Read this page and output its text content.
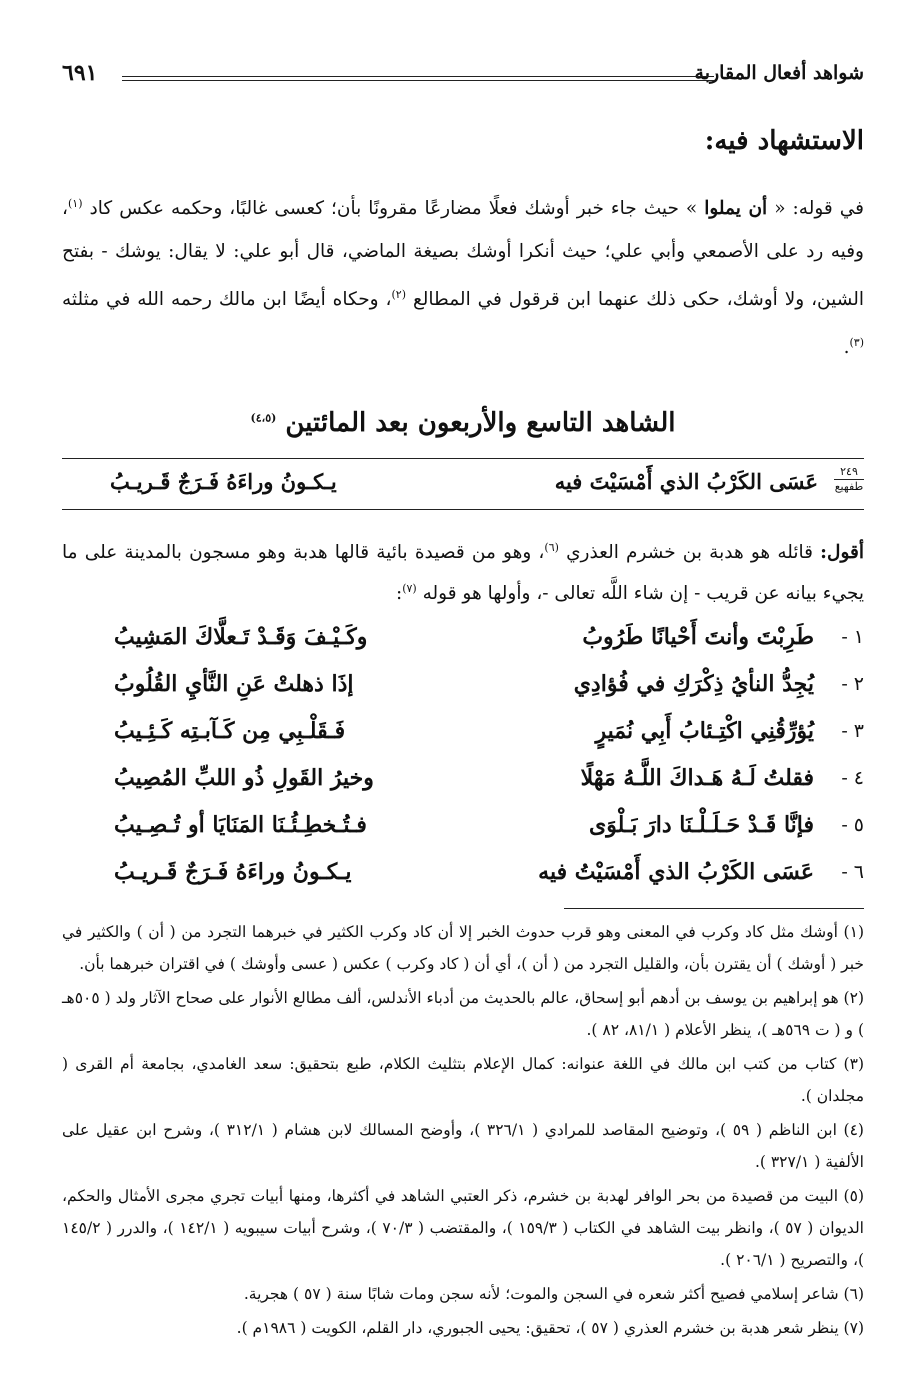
شواهد أفعال المقاربة
٦٩١
الاستشهاد فيه:

في قوله: « أن يملوا » حيث جاء خبر أوشك فعلًا مضارعًا مقرونًا بأن؛ كعسى غالبًا، وحكمه عكس كاد $^{(١)}$، وفيه رد على الأصمعي وأبي علي؛ حيث أنكرا أوشك بصيغة الماضي، قال أبو علي: لا يقال: يوشك - بفتح الشين، ولا أوشك، حكى ذلك عنهما ابن قرقول في المطالع $^{(٢)}$، وحكاه أيضًا ابن مالك رحمه الله في مثلثه $^{(٣)}$.

الشاهد التاسع والأربعون بعد المائتين $^{(٤،٥)}$
٢٤٩
طفهيع
عَسَى الكَرْبُ الذي أَمْسَيْتَ فيه
يـكـونُ وراءَهُ فَـرَجٌ قَـريـبُ

أقول: قائله هو هدبة بن خشرم العذري $^{(٦)}$، وهو من قصيدة بائية قالها هدبة وهو مسجون بالمدينة على ما يجيء بيانه عن قريب - إن شاء اللَّه تعالى -، وأولها هو قوله $^{(٧)}$:

١ -
طَرِبْتَ وأنتَ أَحْيانًا طَرُوبُ
وكَـيْـفَ وَقَـدْ تَـعلَّاكَ المَشِيبُ
٢ -
يُجِدُّ النأيُ ذِكْرَكِ في فُؤادِي
إذَا ذهلتْ عَنِ النَّأيِ القُلُوبُ
٣ -
يُؤرِّقُنِي اكْتِـئابُ أَبِي نُمَيرٍ
فَـقَلْـبِي مِن كَـآبـتِه كَـئِـيبُ
٤ -
فقلتُ لَـهُ هَـداكَ اللَّـهُ مَهْلًا
وخيرُ القَولِ ذُو اللبِّ المُصِيبُ
٥ -
فإنَّا قَـدْ حَـلَـلْـنَا دارَ بَـلْوَى
فـتُـخطِـئُـنَا المَنَايَا أو تُـصِـيبُ
٦ -
عَسَى الكَرْبُ الذي أَمْسَيْتُ فيه
يـكـونُ وراءَهُ فَـرَجٌ قَـريـبُ

(١) أوشك مثل كاد وكرب في المعنى وهو قرب حدوث الخبر إلا أن كاد وكرب الكثير في خبرهما التجرد من ( أن ) والكثير في خبر ( أوشك ) أن يقترن بأن، والقليل التجرد من ( أن )، أي أن ( كاد وكرب ) عكس ( عسى وأوشك ) في اقتران خبرهما بأن.

(٢) هو إبراهيم بن يوسف بن أدهم أبو إسحاق، عالم بالحديث من أدباء الأندلس، ألف مطالع الأنوار على صحاح الآثار ولد ( ٥٠٥هـ ) و ( ت ٥٦٩هـ )، ينظر الأعلام ( ٨١/١، ٨٢ ).

(٣) كتاب من كتب ابن مالك في اللغة عنوانه: كمال الإعلام بتثليث الكلام، طبع بتحقيق: سعد الغامدي، بجامعة أم القرى ( مجلدان ).

(٤) ابن الناظم ( ٥٩ )، وتوضيح المقاصد للمرادي ( ٣٢٦/١ )، وأوضح المسالك لابن هشام ( ٣١٢/١ )، وشرح ابن عقيل على الألفية ( ٣٢٧/١ ).

(٥) البيت من قصيدة من بحر الوافر لهدبة بن خشرم، ذكر العتبي الشاهد في أكثرها، ومنها أبيات تجري مجرى الأمثال والحكم، الديوان ( ٥٧ )، وانظر بيت الشاهد في الكتاب ( ١٥٩/٣ )، والمقتضب ( ٧٠/٣ )، وشرح أبيات سيبويه ( ١٤٢/١ )، والدرر ( ١٤٥/٢ )، والتصريح ( ٢٠٦/١ ).

(٦) شاعر إسلامي فصيح أكثر شعره في السجن والموت؛ لأنه سجن ومات شابًا سنة ( ٥٧ ) هجرية.

(٧) ينظر شعر هدبة بن خشرم العذري ( ٥٧ )، تحقيق: يحيى الجبوري، دار القلم، الكويت ( ١٩٨٦م ).
